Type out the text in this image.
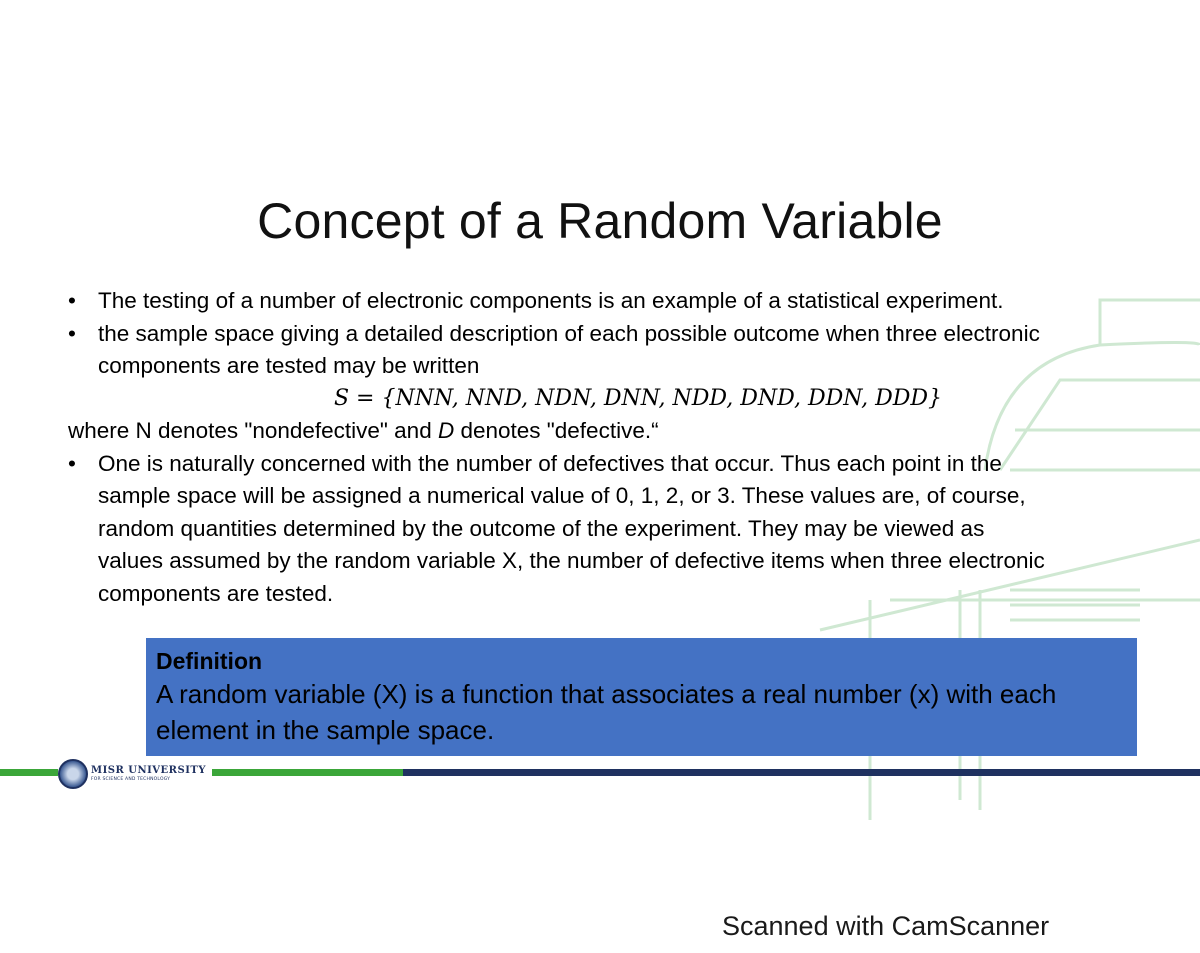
Concept of a Random Variable
• The testing of a number of electronic components is an example of a statistical experiment.
• the sample space giving a detailed description of each possible outcome when three electronic
components are tested may be written
S = {NNN, NND, NDN, DNN, NDD, DND, DDN, DDD}
where N denotes "nondefective" and D denotes "defective.“
• One is naturally concerned with the number of defectives that occur. Thus each point in the
sample space will be assigned a numerical value of 0, 1, 2, or 3. These values are, of course,
random quantities determined by the outcome of the experiment. They may be viewed as
values assumed by the random variable X, the number of defective items when three electronic
components are tested.
Definition
A random variable (X) is a function that associates a real number (x) with each
element in the sample space.
MISR UNIVERSITY
FOR SCIENCE AND TECHNOLOGY
Scanned with CamScanner
